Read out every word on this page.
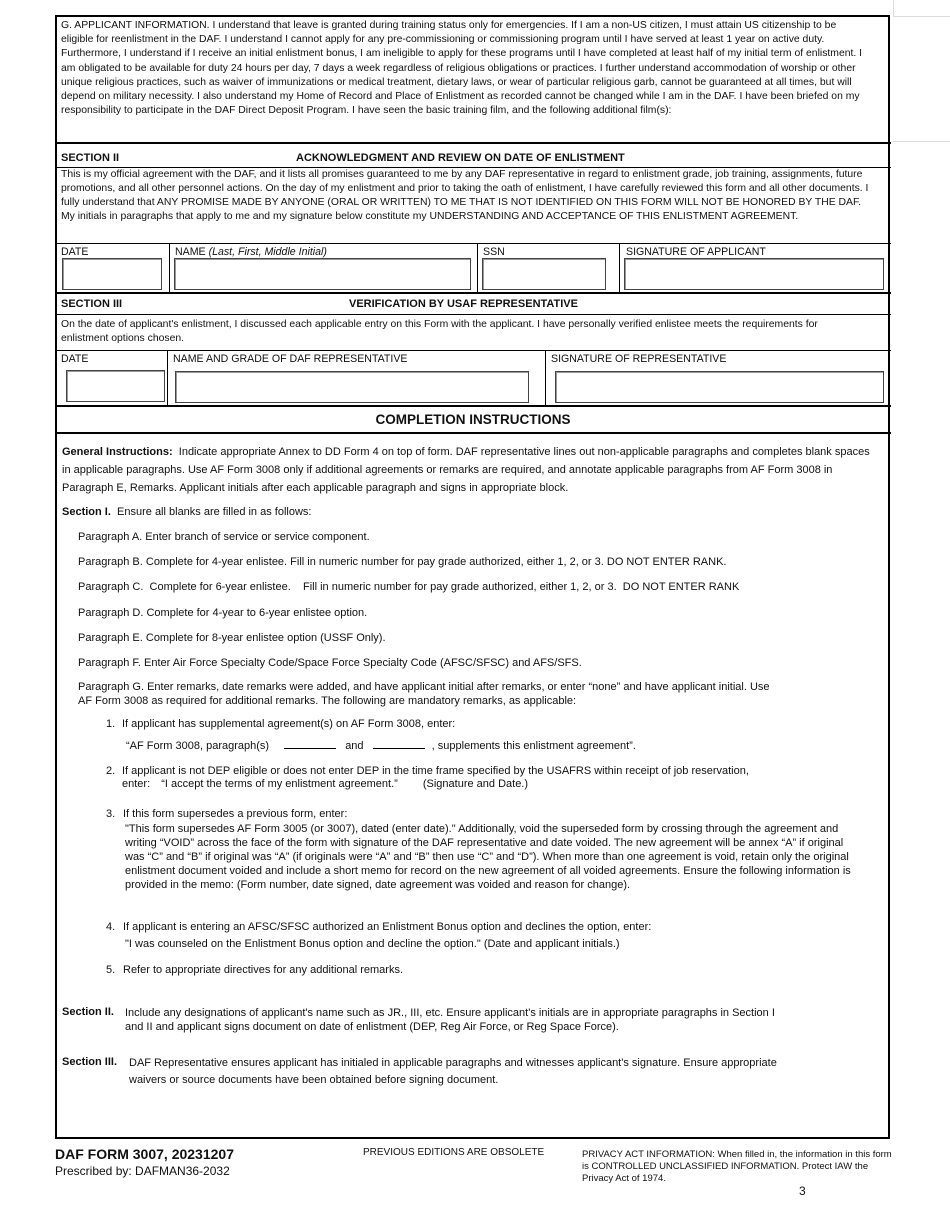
G. APPLICANT INFORMATION. I understand that leave is granted during training status only for emergencies. If I am a non-US citizen, I must attain US citizenship to be eligible for reenlistment in the DAF. I understand I cannot apply for any pre-commissioning or commissioning program until I have served at least 1 year on active duty. Furthermore, I understand if I receive an initial enlistment bonus, I am ineligible to apply for these programs until I have completed at least half of my initial term of enlistment. I am obligated to be available for duty 24 hours per day, 7 days a week regardless of religious obligations or practices. I further understand accommodation of worship or other unique religious practices, such as waiver of immunizations or medical treatment, dietary laws, or wear of particular religious garb, cannot be guaranteed at all times, but will depend on military necessity. I also understand my Home of Record and Place of Enlistment as recorded cannot be changed while I am in the DAF. I have been briefed on my responsibility to participate in the DAF Direct Deposit Program. I have seen the basic training film, and the following additional film(s):
SECTION II	ACKNOWLEDGMENT AND REVIEW ON DATE OF ENLISTMENT
This is my official agreement with the DAF, and it lists all promises guaranteed to me by any DAF representative in regard to enlistment grade, job training, assignments, future promotions, and all other personnel actions. On the day of my enlistment and prior to taking the oath of enlistment, I have carefully reviewed this form and all other documents. I fully understand that ANY PROMISE MADE BY ANYONE (ORAL OR WRITTEN) TO ME THAT IS NOT IDENTIFIED ON THIS FORM WILL NOT BE HONORED BY THE DAF. My initials in paragraphs that apply to me and my signature below constitute my UNDERSTANDING AND ACCEPTANCE OF THIS ENLISTMENT AGREEMENT.
DATE	NAME (Last, First, Middle Initial)	SSN	SIGNATURE OF APPLICANT
SECTION III	VERIFICATION BY USAF REPRESENTATIVE
On the date of applicant's enlistment, I discussed each applicable entry on this Form with the applicant. I have personally verified enlistee meets the requirements for enlistment options chosen.
DATE	NAME AND GRADE OF DAF REPRESENTATIVE	SIGNATURE OF REPRESENTATIVE
COMPLETION INSTRUCTIONS
General Instructions: Indicate appropriate Annex to DD Form 4 on top of form. DAF representative lines out non-applicable paragraphs and completes blank spaces in applicable paragraphs. Use AF Form 3008 only if additional agreements or remarks are required, and annotate applicable paragraphs from AF Form 3008 in Paragraph E, Remarks. Applicant initials after each applicable paragraph and signs in appropriate block.
Section I. Ensure all blanks are filled in as follows:
Paragraph A. Enter branch of service or service component.
Paragraph B. Complete for 4-year enlistee. Fill in numeric number for pay grade authorized, either 1, 2, or 3. DO NOT ENTER RANK.
Paragraph C.  Complete for 6-year enlistee.    Fill in numeric number for pay grade authorized, either 1, 2, or 3.  DO NOT ENTER RANK
Paragraph D. Complete for 4-year to 6-year enlistee option.
Paragraph E. Complete for 8-year enlistee option (USSF Only).
Paragraph F. Enter Air Force Specialty Code/Space Force Specialty Code (AFSC/SFSC) and AFS/SFS.
Paragraph G. Enter remarks, date remarks were added, and have applicant initial after remarks, or enter “none” and have applicant initial. Use
AF Form 3008 as required for additional remarks. The following are mandatory remarks, as applicable:
1. If applicant has supplemental agreement(s) on AF Form 3008, enter:
“AF Form 3008, paragraph(s)	and	, supplements this enlistment agreement”.
2. If applicant is not DEP eligible or does not enter DEP in the time frame specified by the USAFRS within receipt of job reservation,
enter: “I accept the terms of my enlistment agreement.” (Signature and Date.)
3. If this form supersedes a previous form, enter:
"This form supersedes AF Form 3005 (or 3007), dated (enter date)." Additionally, void the superseded form by crossing through the agreement and writing “VOID” across the face of the form with signature of the DAF representative and date voided. The new agreement will be annex “A” if original was “C” and “B” if original was “A” (if originals were “A” and “B” then use “C” and “D”). When more than one agreement is void, retain only the original enlistment document voided and include a short memo for record on the new agreement of all voided agreements. Ensure the following information is provided in the memo: (Form number, date signed, date agreement was voided and reason for change).
4. If applicant is entering an AFSC/SFSC authorized an Enlistment Bonus option and declines the option, enter:
"I was counseled on the Enlistment Bonus option and decline the option." (Date and applicant initials.)
5. Refer to appropriate directives for any additional remarks.
Section II. Include any designations of applicant's name such as JR., III, etc. Ensure applicant's initials are in appropriate paragraphs in Section I
and II and applicant signs document on date of enlistment (DEP, Reg Air Force, or Reg Space Force).
Section III. DAF Representative ensures applicant has initialed in applicable paragraphs and witnesses applicant's signature. Ensure appropriate
waivers or source documents have been obtained before signing document.
DAF FORM 3007, 20231207
Prescribed by: DAFMAN36-2032
PREVIOUS EDITIONS ARE OBSOLETE	PRIVACY ACT INFORMATION: When filled in, the information in this form is CONTROLLED UNCLASSIFIED INFORMATION. Protect IAW the Privacy Act of 1974.
3
